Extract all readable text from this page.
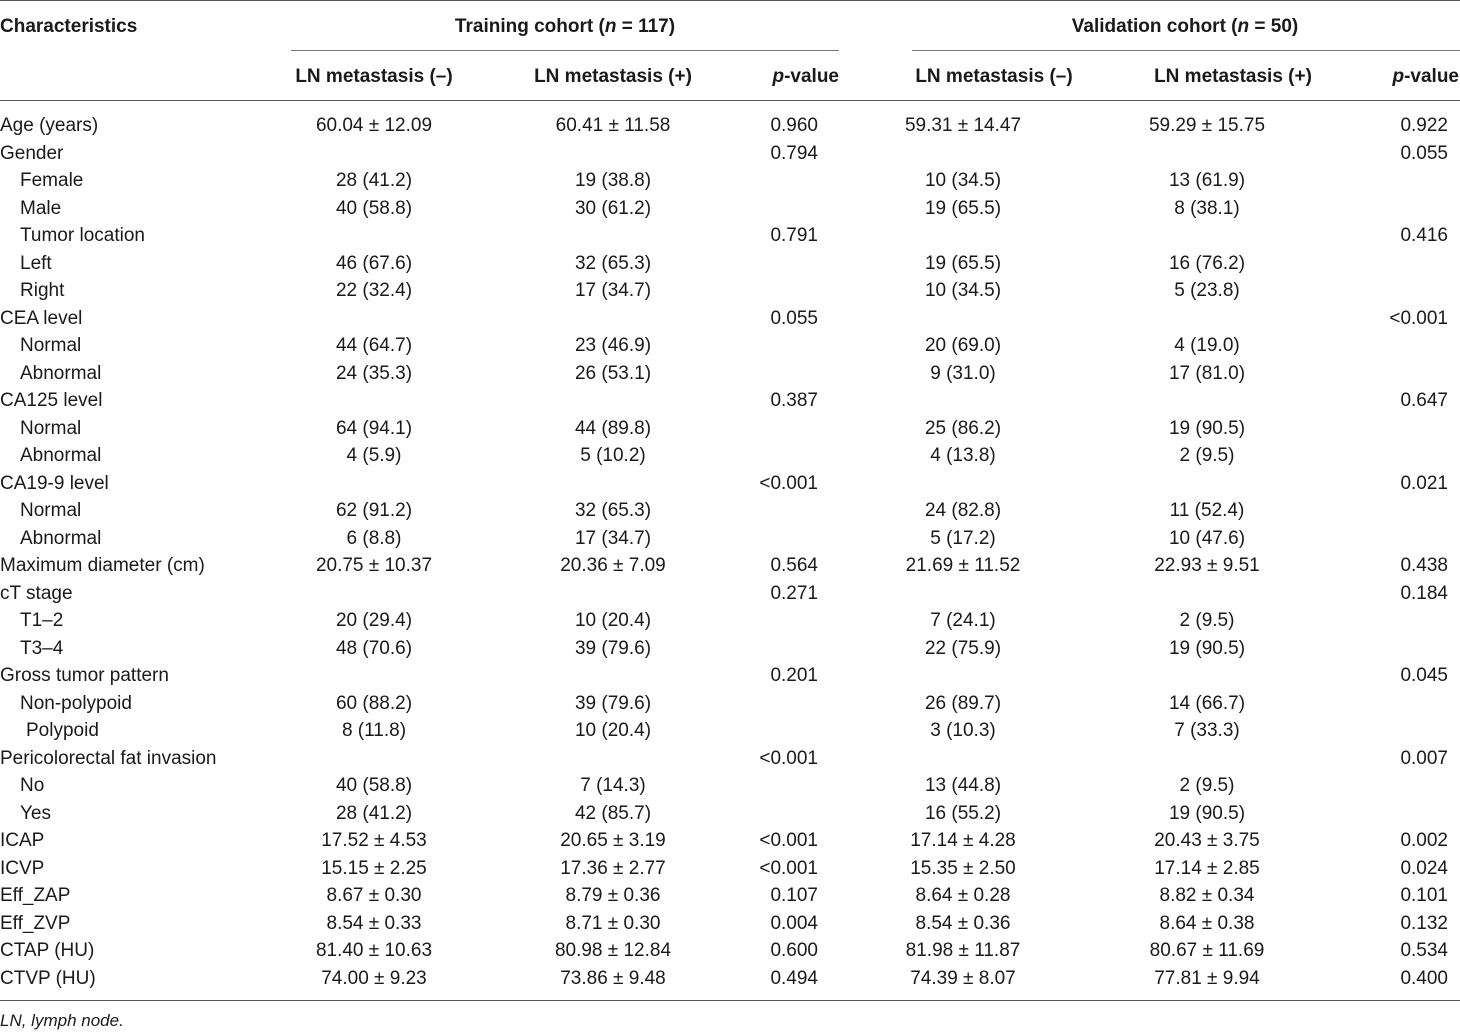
Characteristics	Training cohort (n = 117)	Validation cohort (n = 50)
LN metastasis (–)	LN metastasis (+)	p-value	LN metastasis (–)	LN metastasis (+)	p-value
Age (years)	60.04 ± 12.09	60.41 ± 11.58	0.960	59.31 ± 14.47	59.29 ± 15.75	0.922
Gender			0.794			0.055
Female	28 (41.2)	19 (38.8)		10 (34.5)	13 (61.9)	
Male	40 (58.8)	30 (61.2)		19 (65.5)	8 (38.1)	
Tumor location			0.791			0.416
Left	46 (67.6)	32 (65.3)		19 (65.5)	16 (76.2)	
Right	22 (32.4)	17 (34.7)		10 (34.5)	5 (23.8)	
CEA level			0.055			<0.001
Normal	44 (64.7)	23 (46.9)		20 (69.0)	4 (19.0)	
Abnormal	24 (35.3)	26 (53.1)		9 (31.0)	17 (81.0)	
CA125 level			0.387			0.647
Normal	64 (94.1)	44 (89.8)		25 (86.2)	19 (90.5)	
Abnormal	4 (5.9)	5 (10.2)		4 (13.8)	2 (9.5)	
CA19-9 level			<0.001			0.021
Normal	62 (91.2)	32 (65.3)		24 (82.8)	11 (52.4)	
Abnormal	6 (8.8)	17 (34.7)		5 (17.2)	10 (47.6)	
Maximum diameter (cm)	20.75 ± 10.37	20.36 ± 7.09	0.564	21.69 ± 11.52	22.93 ± 9.51	0.438
cT stage			0.271			0.184
T1–2	20 (29.4)	10 (20.4)		7 (24.1)	2 (9.5)	
T3–4	48 (70.6)	39 (79.6)		22 (75.9)	19 (90.5)	
Gross tumor pattern			0.201			0.045
Non-polypoid	60 (88.2)	39 (79.6)		26 (89.7)	14 (66.7)	
Polypoid	8 (11.8)	10 (20.4)		3 (10.3)	7 (33.3)	
Pericolorectal fat invasion			<0.001			0.007
No	40 (58.8)	7 (14.3)		13 (44.8)	2 (9.5)	
Yes	28 (41.2)	42 (85.7)		16 (55.2)	19 (90.5)	
ICAP	17.52 ± 4.53	20.65 ± 3.19	<0.001	17.14 ± 4.28	20.43 ± 3.75	0.002
ICVP	15.15 ± 2.25	17.36 ± 2.77	<0.001	15.35 ± 2.50	17.14 ± 2.85	0.024
Eff_ZAP	8.67 ± 0.30	8.79 ± 0.36	0.107	8.64 ± 0.28	8.82 ± 0.34	0.101
Eff_ZVP	8.54 ± 0.33	8.71 ± 0.30	0.004	8.54 ± 0.36	8.64 ± 0.38	0.132
CTAP (HU)	81.40 ± 10.63	80.98 ± 12.84	0.600	81.98 ± 11.87	80.67 ± 11.69	0.534
CTVP (HU)	74.00 ± 9.23	73.86 ± 9.48	0.494	74.39 ± 8.07	77.81 ± 9.94	0.400
LN, lymph node.
